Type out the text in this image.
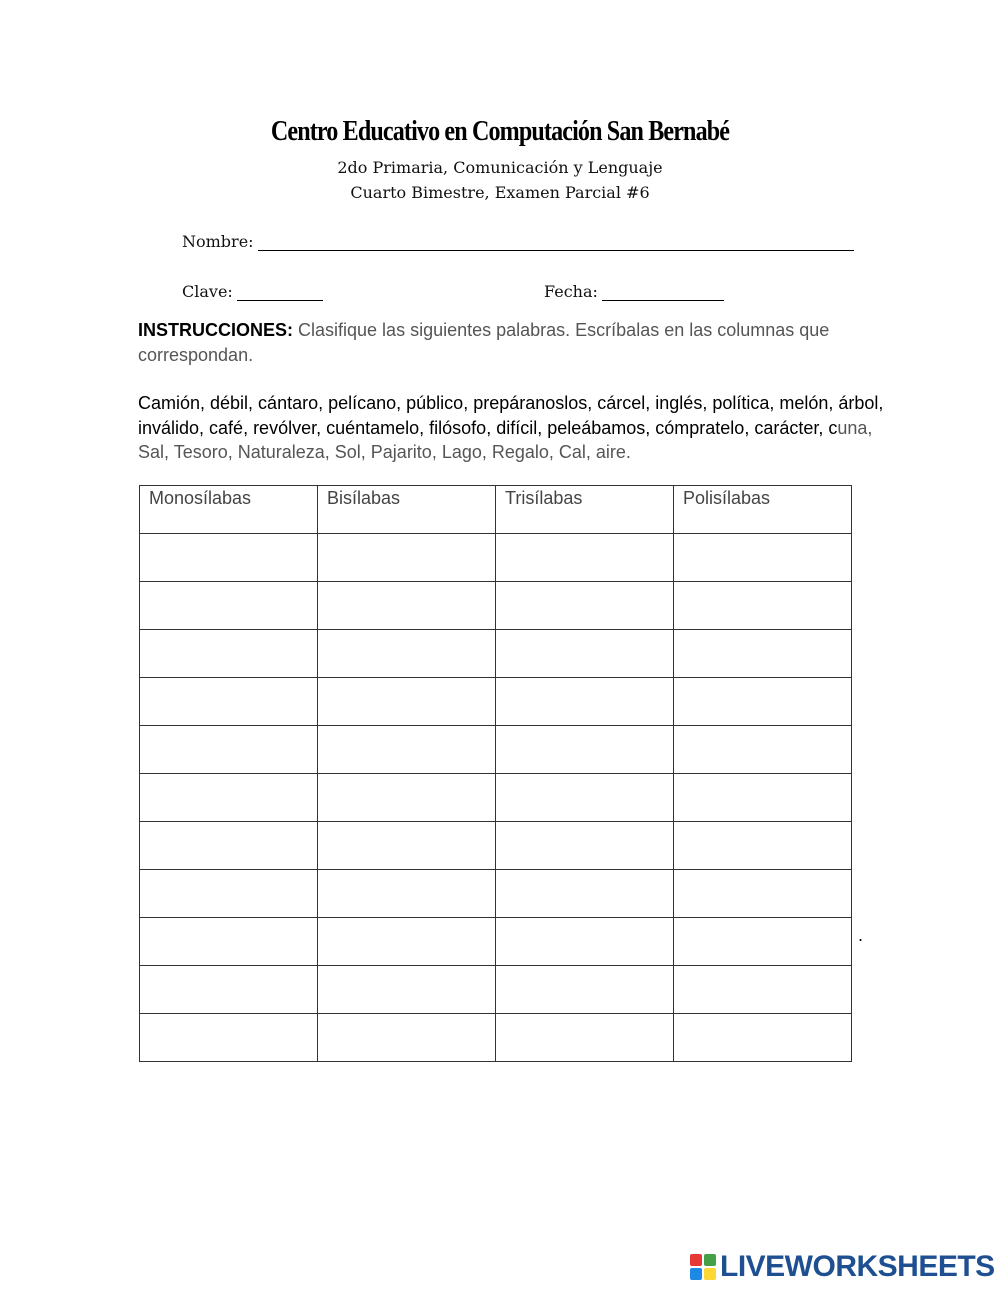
Centro Educativo en Computación San Bernabé
2do Primaria, Comunicación y Lenguaje
Cuarto Bimestre, Examen Parcial #6
Nombre:
Clave:	Fecha:
INSTRUCCIONES: Clasifique las siguientes palabras. Escríbalas en las columnas que correspondan.
Camión, débil, cántaro, pelícano, público, prepáranoslos, cárcel, inglés, política, melón, árbol, inválido, café, revólver, cuéntamelo, filósofo, difícil, peleábamos, cómpratelo, carácter, cuna, Sal, Tesoro, Naturaleza, Sol, Pajarito, Lago, Regalo, Cal, aire.
Monosílabas	Bisílabas	Trisílabas	Polisílabas

.
LIVEWORKSHEETS
